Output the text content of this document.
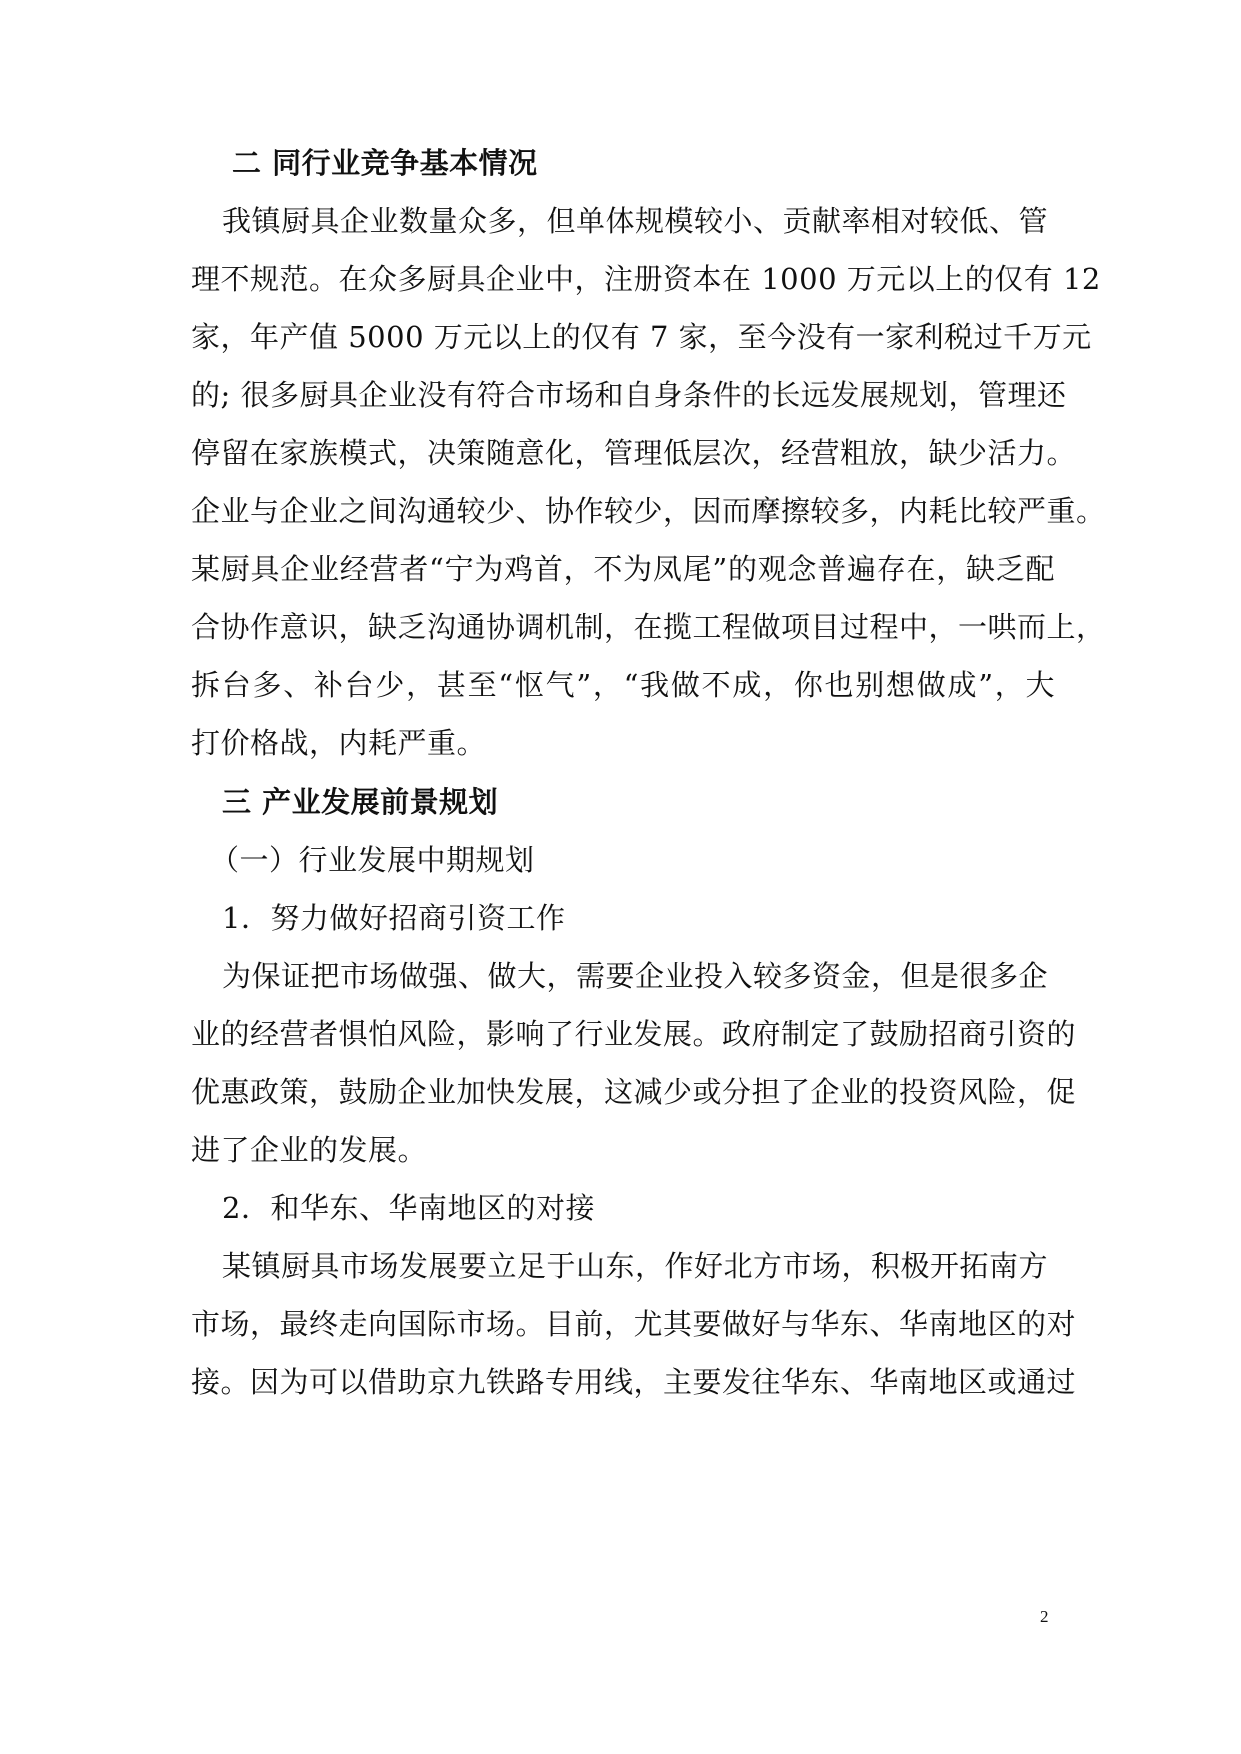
二 同行业竞争基本情况
我镇厨具企业数量众多，但单体规模较小、贡献率相对较低、管
理不规范。在众多厨具企业中，注册资本在 1000 万元以上的仅有 12
家，年产值 5000 万元以上的仅有 7 家，至今没有一家利税过千万元
的; 很多厨具企业没有符合市场和自身条件的长远发展规划，管理还
停留在家族模式，决策随意化，管理低层次，经营粗放，缺少活力。
企业与企业之间沟通较少、协作较少，因而摩擦较多，内耗比较严重。
某厨具企业经营者“宁为鸡首，不为凤尾”的观念普遍存在，缺乏配
合协作意识，缺乏沟通协调机制，在揽工程做项目过程中，一哄而上，
拆台多、补台少，甚至“怄气”，“我做不成，你也别想做成”，大
打价格战，内耗严重。
三 产业发展前景规划
（一）行业发展中期规划
1．努力做好招商引资工作
为保证把市场做强、做大，需要企业投入较多资金，但是很多企
业的经营者惧怕风险，影响了行业发展。政府制定了鼓励招商引资的
优惠政策，鼓励企业加快发展，这减少或分担了企业的投资风险，促
进了企业的发展。
2．和华东、华南地区的对接
某镇厨具市场发展要立足于山东，作好北方市场，积极开拓南方
市场，最终走向国际市场。目前，尤其要做好与华东、华南地区的对
接。因为可以借助京九铁路专用线，主要发往华东、华南地区或通过
2
